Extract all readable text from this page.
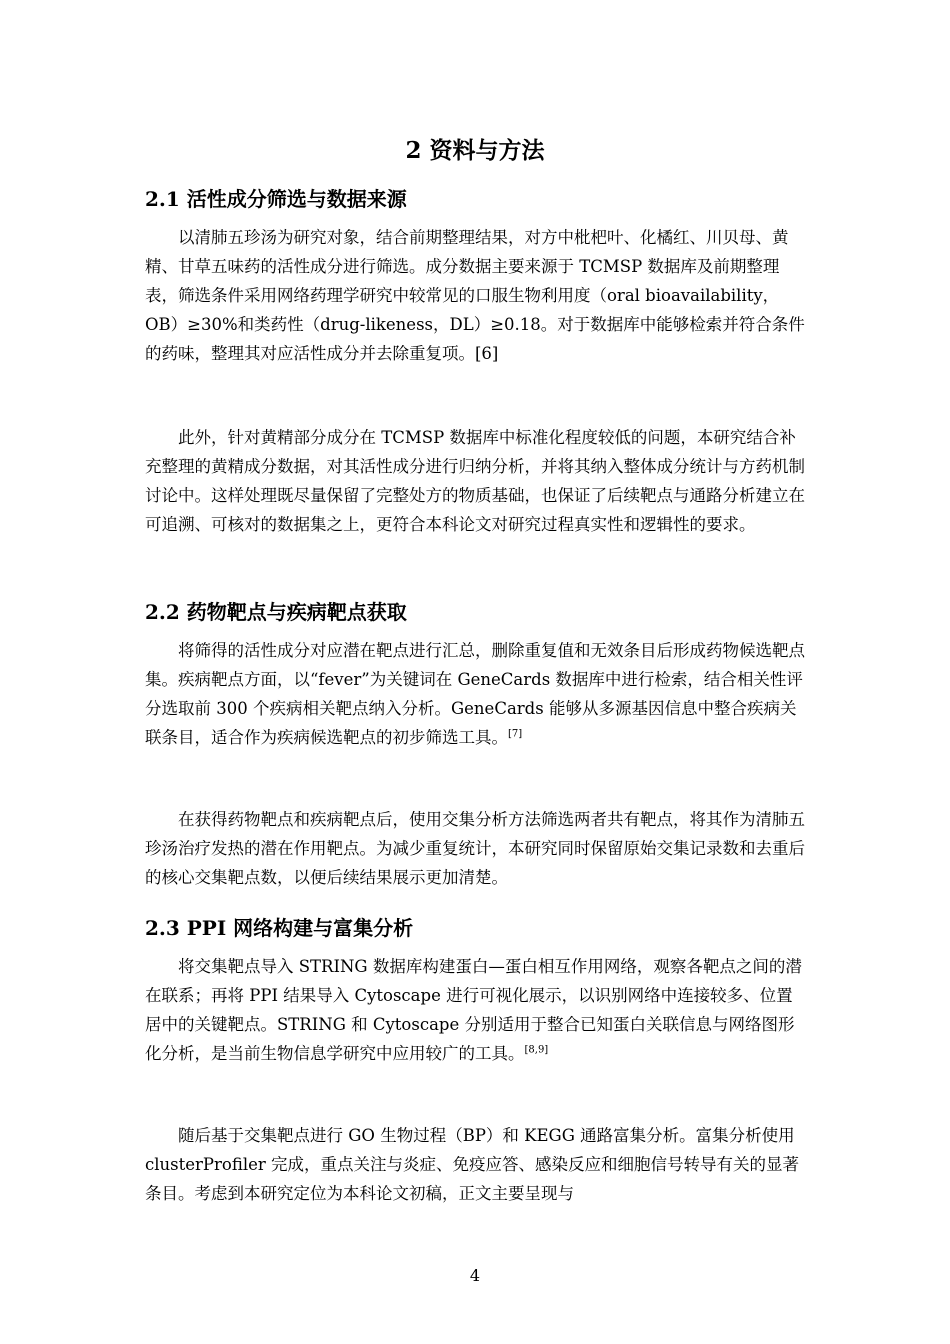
2 资料与方法
2.1 活性成分筛选与数据来源

以清肺五珍汤为研究对象，结合前期整理结果，对方中枇杷叶、化橘红、川贝母、黄精、甘草五味药的活性成分进行筛选。成分数据主要来源于 TCMSP 数据库及前期整理表，筛选条件采用网络药理学研究中较常见的口服生物利用度（oral bioavailability，OB）≥30%和类药性（drug-likeness，DL）≥0.18。对于数据库中能够检索并符合条件的药味，整理其对应活性成分并去除重复项。[6]

此外，针对黄精部分成分在 TCMSP 数据库中标准化程度较低的问题，本研究结合补充整理的黄精成分数据，对其活性成分进行归纳分析，并将其纳入整体成分统计与方药机制讨论中。这样处理既尽量保留了完整处方的物质基础，也保证了后续靶点与通路分析建立在可追溯、可核对的数据集之上，更符合本科论文对研究过程真实性和逻辑性的要求。

2.2 药物靶点与疾病靶点获取

将筛得的活性成分对应潜在靶点进行汇总，删除重复值和无效条目后形成药物候选靶点集。疾病靶点方面，以“fever”为关键词在 GeneCards 数据库中进行检索，结合相关性评分选取前 300 个疾病相关靶点纳入分析。GeneCards 能够从多源基因信息中整合疾病关联条目，适合作为疾病候选靶点的初步筛选工具。[7]

在获得药物靶点和疾病靶点后，使用交集分析方法筛选两者共有靶点，将其作为清肺五珍汤治疗发热的潜在作用靶点。为减少重复统计，本研究同时保留原始交集记录数和去重后的核心交集靶点数，以便后续结果展示更加清楚。

2.3 PPI 网络构建与富集分析

将交集靶点导入 STRING 数据库构建蛋白—蛋白相互作用网络，观察各靶点之间的潜在联系；再将 PPI 结果导入 Cytoscape 进行可视化展示，以识别网络中连接较多、位置居中的关键靶点。STRING 和 Cytoscape 分别适用于整合已知蛋白关联信息与网络图形化分析，是当前生物信息学研究中应用较广的工具。[8,9]

随后基于交集靶点进行 GO 生物过程（BP）和 KEGG 通路富集分析。富集分析使用 clusterProfiler 完成，重点关注与炎症、免疫应答、感染反应和细胞信号转导有关的显著条目。考虑到本研究定位为本科论文初稿，正文主要呈现与

4
